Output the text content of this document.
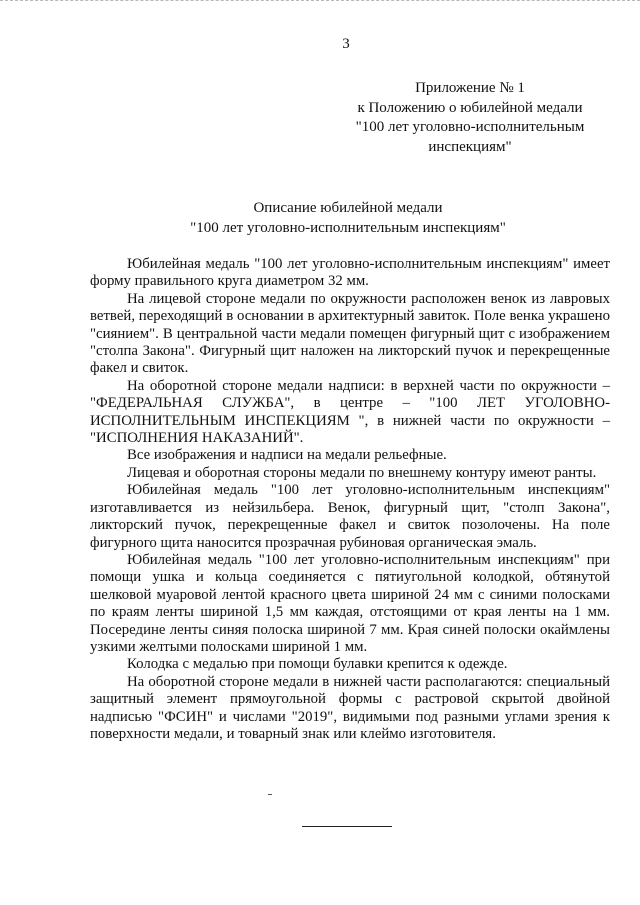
3
Приложение № 1
к Положению о юбилейной медали
"100 лет уголовно-исполнительным
инспекциям"
Описание юбилейной медали
"100 лет уголовно-исполнительным инспекциям"

Юбилейная медаль "100 лет уголовно-исполнительным инспекциям" имеет форму правильного круга диаметром 32 мм.

На лицевой стороне медали по окружности расположен венок из лавровых ветвей, переходящий в основании в архитектурный завиток. Поле венка украшено "сиянием". В центральной части медали помещен фигурный щит с изображением "столпа Закона". Фигурный щит наложен на ликторский пучок и перекрещенные факел и свиток.

На оборотной стороне медали надписи: в верхней части по окружности – "ФЕДЕРАЛЬНАЯ СЛУЖБА", в центре – "100 ЛЕТ УГОЛОВНО-ИСПОЛНИТЕЛЬНЫМ ИНСПЕКЦИЯМ ", в нижней части по окружности – "ИСПОЛНЕНИЯ НАКАЗАНИЙ".

Все изображения и надписи на медали рельефные.

Лицевая и оборотная стороны медали по внешнему контуру имеют ранты.

Юбилейная медаль "100 лет уголовно-исполнительным инспекциям" изготавливается из нейзильбера. Венок, фигурный щит, "столп Закона", ликторский пучок, перекрещенные факел и свиток позолочены. На поле фигурного щита наносится прозрачная рубиновая органическая эмаль.

Юбилейная медаль "100 лет уголовно-исполнительным инспекциям" при помощи ушка и кольца соединяется с пятиугольной колодкой, обтянутой шелковой муаровой лентой красного цвета шириной 24 мм с синими полосками по краям ленты шириной 1,5 мм каждая, отстоящими от края ленты на 1 мм. Посередине ленты синяя полоска шириной 7 мм. Края синей полоски окаймлены узкими желтыми полосками шириной 1 мм.

Колодка с медалью при помощи булавки крепится к одежде.

На оборотной стороне медали в нижней части располагаются: специальный защитный элемент прямоугольной формы с растровой скрытой двойной надписью "ФСИН" и числами "2019", видимыми под разными углами зрения к поверхности медали, и товарный знак или клеймо изготовителя.
